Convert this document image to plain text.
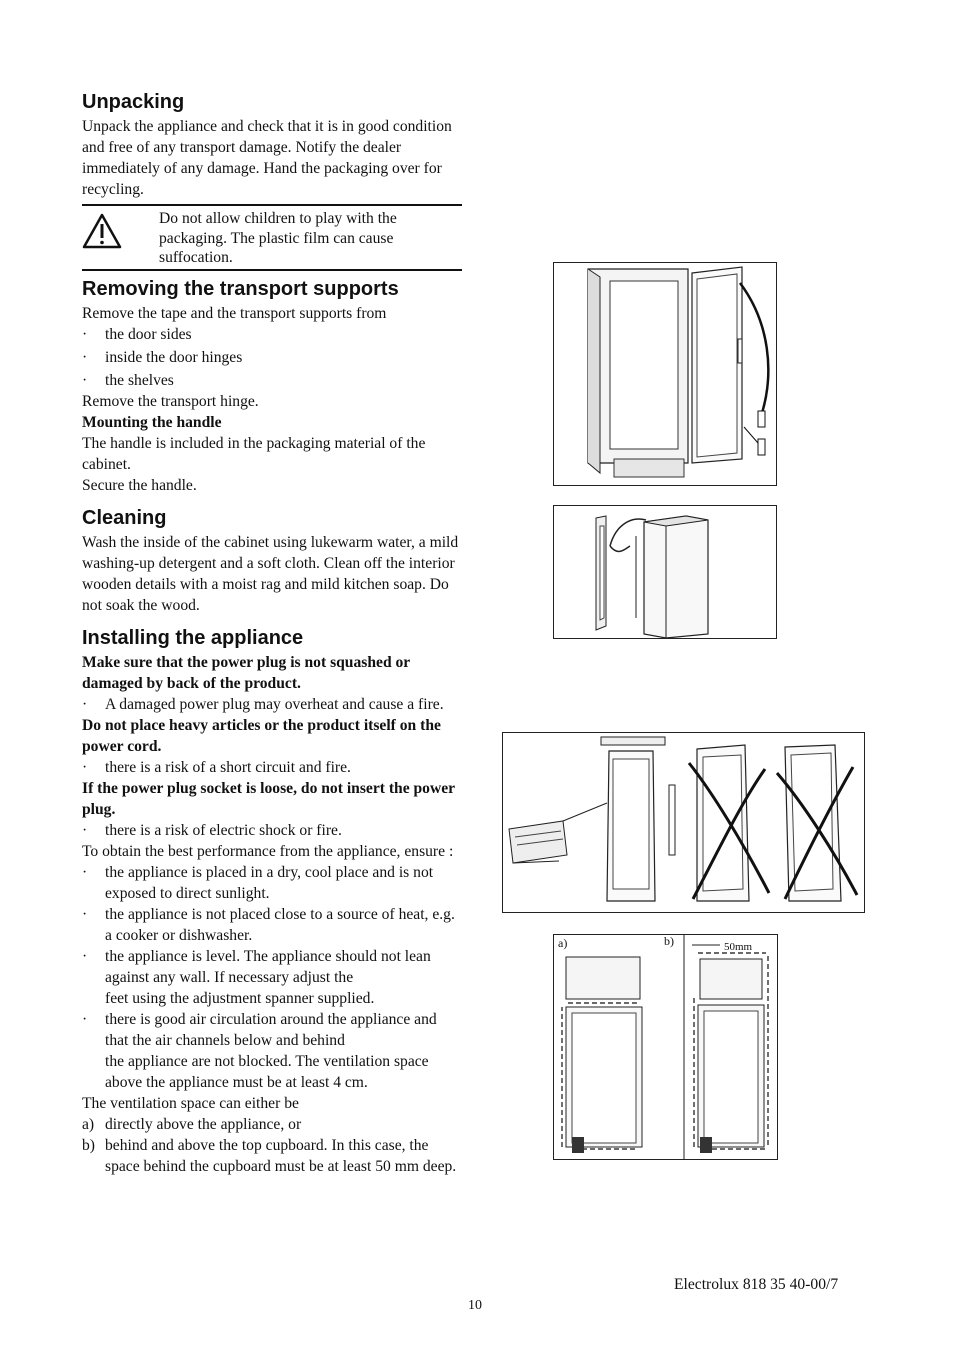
Unpacking

Unpack the appliance and check that it is in good condition and free of any transport damage. Notify the dealer immediately of any damage. Hand the packaging over for recycling.

Do not allow children to play with the packaging. The plastic film can cause suffocation.
Removing the transport supports

Remove the tape and the transport supports from

· the door sides
· inside the door hinges
· the shelves

Remove the transport hinge.

Mounting the handle

The handle is included in the packaging material of the cabinet.

Secure the handle.

Cleaning

Wash the inside of the cabinet using lukewarm water, a mild washing-up detergent and a soft cloth. Clean off the interior wooden details with a moist rag and mild kitchen soap. Do not soak the wood.

Installing the appliance

Make sure that the power plug is not squashed or damaged by back of the product.

· A damaged power plug may overheat and cause a fire.

Do not place heavy articles or the product itself on the power cord.

· there is a risk of a short circuit and fire.

If the power plug socket is loose, do not insert the power plug.

· there is a risk of electric shock or fire.

To obtain the best performance from the appliance, ensure :

· the appliance is placed in a dry, cool place and is not exposed to direct sunlight.
· the appliance is not placed close to a source of heat, e.g. a cooker or dishwasher.
· the appliance is level. The appliance should not lean
against any wall. If necessary adjust the
feet using the adjustment spanner supplied.
· there is good air circulation around the appliance and that the air channels below and behind
the appliance are not blocked. The ventilation space above the appliance must be at least 4 cm.

The ventilation space can either be

a) directly above the appliance, or
b) behind and above the top cupboard. In this case, the space behind the cupboard must be at least 50 mm deep.
a)	b)	50mm
Electrolux 818 35 40-00/7
10
